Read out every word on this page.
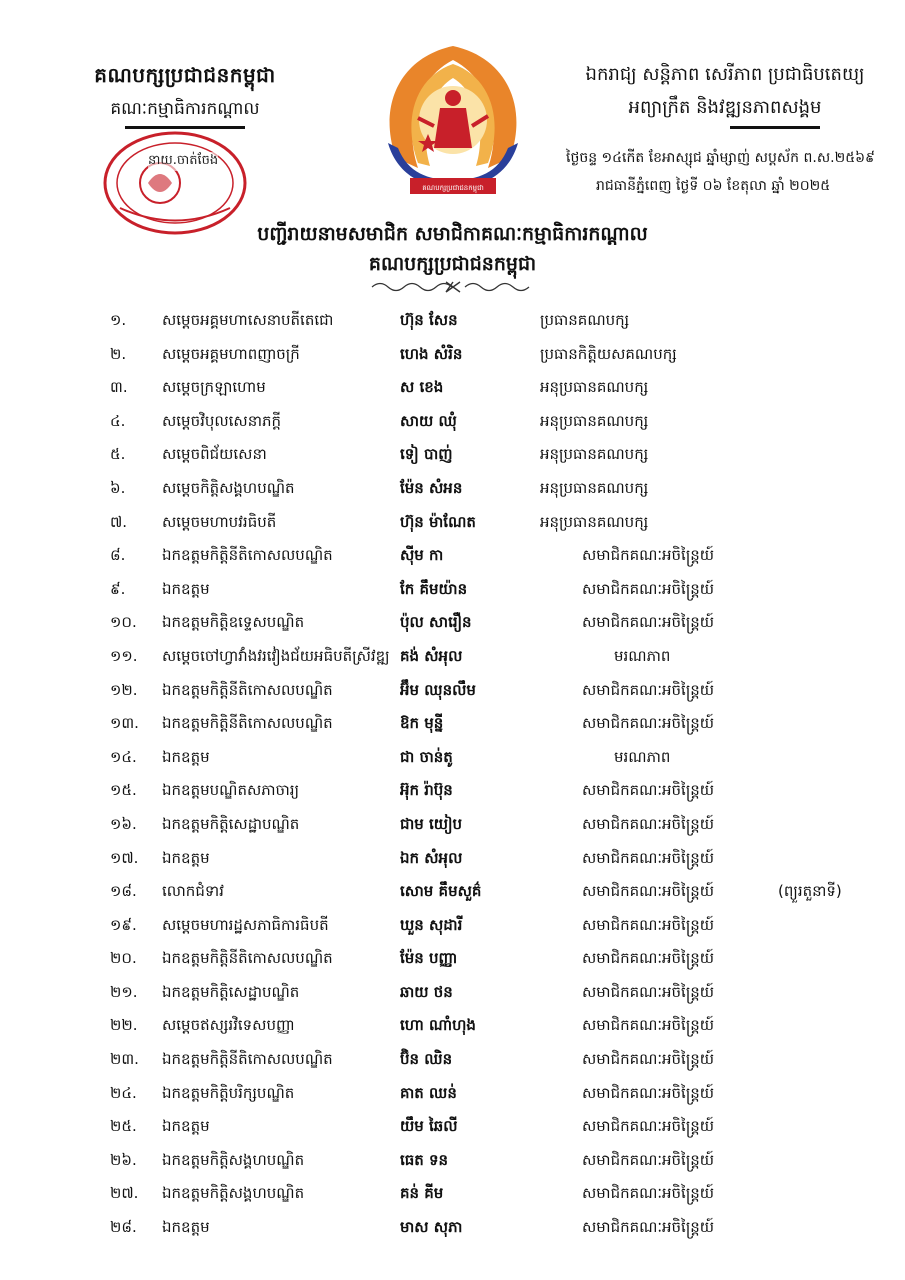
គណបក្សប្រជាជនកម្ពុជា
គណៈកម្មាធិការកណ្ដាល
នាយ.ចាត់ចែង
គណបក្សប្រជាជនកម្ពុជា
ឯករាជ្យ សន្តិភាព សេរីភាព ប្រជាធិបតេយ្យ
អព្យាក្រឹត និងវឌ្ឍនភាពសង្គម
ថ្ងៃចន្ទ ១៤កើត ខែអាស្សុជ ឆ្នាំម្សាញ់ សប្តស័ក ព.ស.២៥៦៩
រាជធានីភ្នំពេញ ថ្ងៃទី ០៦ ខែតុលា ឆ្នាំ ២០២៥
បញ្ជីរាយនាមសមាជិក សមាជិកាគណៈកម្មាធិការកណ្ដាល
គណបក្សប្រជាជនកម្ពុជា
១. សម្ដេចអគ្គមហាសេនាបតីតេជោ	ហ៊ុន សែន	ប្រធានគណបក្ស
២. សម្ដេចអគ្គមហាពញាចក្រី	ហេង សំរិន	ប្រធានកិត្តិយសគណបក្ស
៣. សម្ដេចក្រឡាហោម	ស ខេង	អនុប្រធានគណបក្ស
៤. សម្ដេចវិបុលសេនាភក្ដី	សាយ ឈុំ	អនុប្រធានគណបក្ស
៥. សម្ដេចពិជ័យសេនា	ទៀ បាញ់	អនុប្រធានគណបក្ស
៦. សម្ដេចកិត្តិសង្គហបណ្ឌិត	ម៉ែន សំអន	អនុប្រធានគណបក្ស
៧. សម្ដេចមហាបវរធិបតី	ហ៊ុន ម៉ាណែត	អនុប្រធានគណបក្ស
៨. ឯកឧត្តមកិត្តិនីតិកោសលបណ្ឌិត	ស៊ីម កា	សមាជិកគណៈអចិន្ត្រៃយ៍
៩. ឯកឧត្តម	កែ គឹមយ៉ាន	សមាជិកគណៈអចិន្ត្រៃយ៍
១០. ឯកឧត្តមកិត្តិឧទ្ទេសបណ្ឌិត	ប៉ុល សារឿន	សមាជិកគណៈអចិន្ត្រៃយ៍
១១. សម្ដេចចៅហ្វាវាំងវរវៀងជ័យអធិបតីស្រីវឌ្ឍ គង់ សំអុល	មរណភាព
១២. ឯកឧត្តមកិត្តិនីតិកោសលបណ្ឌិត	អ៊ឹម ឈុនលឹម	សមាជិកគណៈអចិន្ត្រៃយ៍
១៣. ឯកឧត្តមកិត្តិនីតិកោសលបណ្ឌិត	ឱក មុន្នី	សមាជិកគណៈអចិន្ត្រៃយ៍
១៤. ឯកឧត្តម	ជា ចាន់តូ	មរណភាព
១៥. ឯកឧត្តមបណ្ឌិតសភាចារ្យ	អ៊ុក រ៉ាប៊ុន	សមាជិកគណៈអចិន្ត្រៃយ៍
១៦. ឯកឧត្តមកិត្តិសេដ្ឋាបណ្ឌិត	ជាម យៀប	សមាជិកគណៈអចិន្ត្រៃយ៍
១៧. ឯកឧត្តម	ឯក សំអុល	សមាជិកគណៈអចិន្ត្រៃយ៍
១៨. លោកជំទាវ	សោម គឹមសួគ៌	សមាជិកគណៈអចិន្ត្រៃយ៍	(ព្យួរតួនាទី)
១៩. សម្ដេចមហារដ្ឋសភាធិការធិបតី	ឃួន សុដារី	សមាជិកគណៈអចិន្ត្រៃយ៍
២០. ឯកឧត្តមកិត្តិនីតិកោសលបណ្ឌិត	ម៉ែន បញ្ញា	សមាជិកគណៈអចិន្ត្រៃយ៍
២១. ឯកឧត្តមកិត្តិសេដ្ឋាបណ្ឌិត	ឆាយ ថន	សមាជិកគណៈអចិន្ត្រៃយ៍
២២. សម្ដេចឥស្សរវិទេសបញ្ញា	ហោ ណាំហុង	សមាជិកគណៈអចិន្ត្រៃយ៍
២៣. ឯកឧត្តមកិត្តិនីតិកោសលបណ្ឌិត	ប៊ិន ឈិន	សមាជិកគណៈអចិន្ត្រៃយ៍
២៤. ឯកឧត្តមកិត្តិបរិក្សបណ្ឌិត	គាត ឈន់	សមាជិកគណៈអចិន្ត្រៃយ៍
២៥. ឯកឧត្តម	យឹម ឆៃលី	សមាជិកគណៈអចិន្ត្រៃយ៍
២៦. ឯកឧត្តមកិត្តិសង្គហបណ្ឌិត	ធេត ទន	សមាជិកគណៈអចិន្ត្រៃយ៍
២៧. ឯកឧត្តមកិត្តិសង្គហបណ្ឌិត	គន់ គីម	សមាជិកគណៈអចិន្ត្រៃយ៍
២៨. ឯកឧត្តម	មាស សុភា	សមាជិកគណៈអចិន្ត្រៃយ៍
